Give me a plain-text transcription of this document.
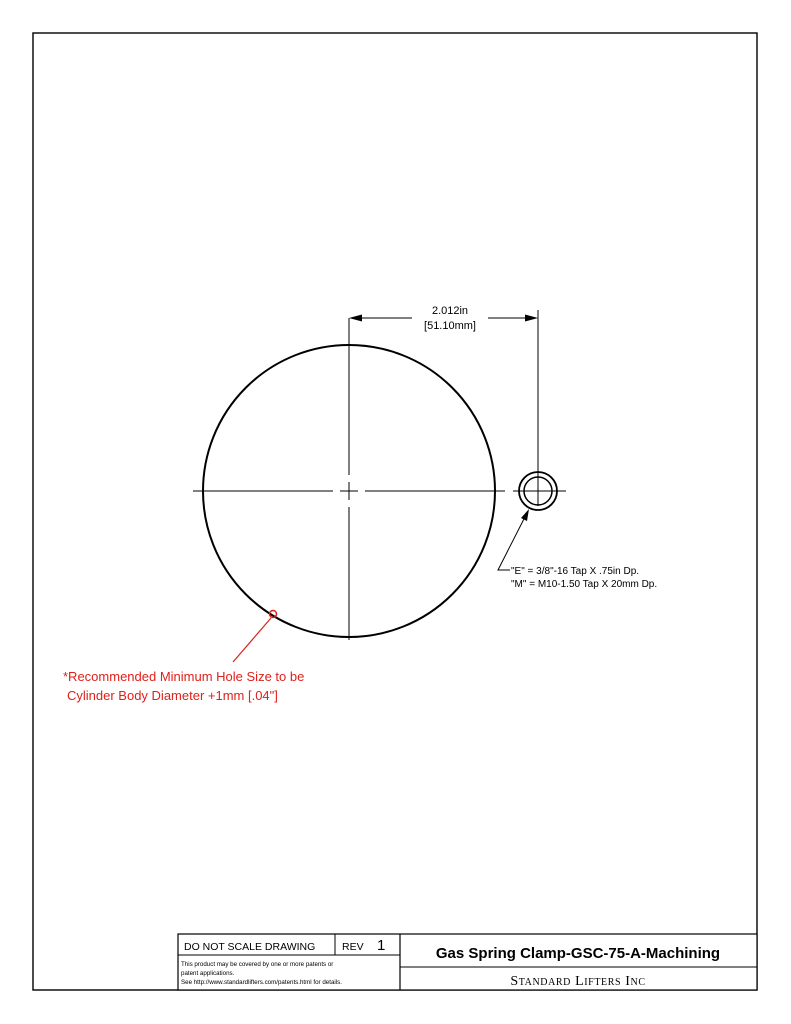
2.012in
[51.10mm]
"E" = 3/8"-16 Tap X .75in Dp.
"M" = M10-1.50 Tap X 20mm Dp.
*Recommended Minimum Hole Size to be
Cylinder Body Diameter +1mm [.04"]
DO NOT SCALE DRAWING	REV 1
This product may be covered by one or more patents or
patent applications.
See http://www.standardlifters.com/patents.html for details.
Gas Spring Clamp-GSC-75-A-Machining
Standard Lifters Inc
